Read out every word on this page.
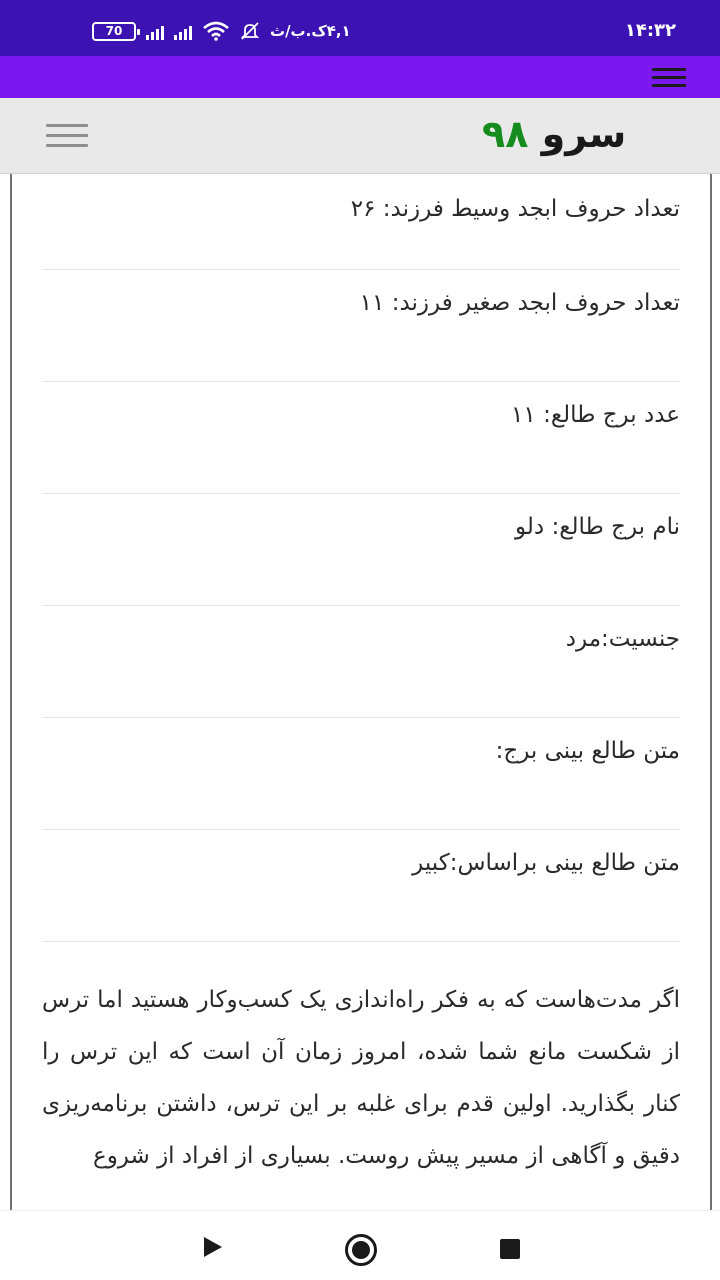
70	۴,۱ک.ب/ث	۱۴:۳۲
سرو ۹۸

تعداد حروف ابجد وسیط فرزند: ۲۶

تعداد حروف ابجد صغیر فرزند: ۱۱

عدد برج طالع: ۱۱

نام برج طالع: دلو

جنسیت:مرد

متن طالع بینی برج:

متن طالع بینی براساس:کبیر

اگر مدت‌هاست که به فکر راه‌اندازی یک کسب‌وکار هستید اما ترس از شکست مانع شما شده، امروز زمان آن است که این ترس را کنار بگذارید. اولین قدم برای غلبه بر این ترس، داشتن برنامه‌ریزی دقیق و آگاهی از مسیر پیش روست. بسیاری از افراد از شروع
